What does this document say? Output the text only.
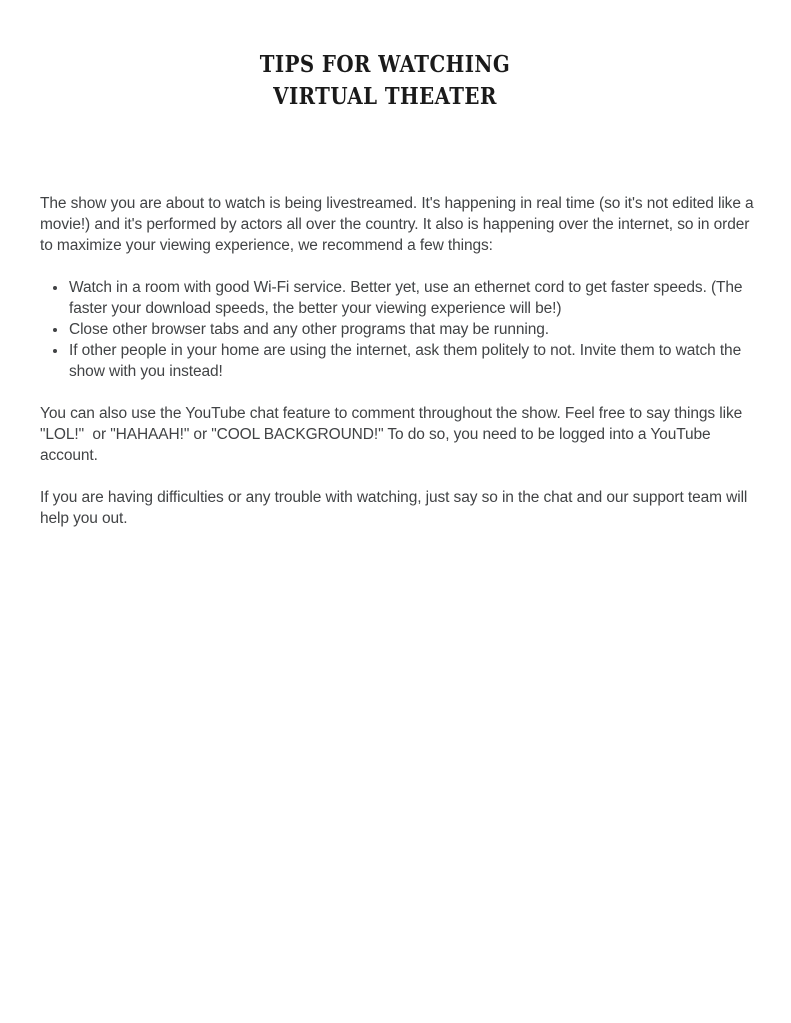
TIPS FOR WATCHING
VIRTUAL THEATER

The show you are about to watch is being livestreamed. It's happening in real time (so it's not edited like a movie!) and it's performed by actors all over the country. It also is happening over the internet, so in order to maximize your viewing experience, we recommend a few things:

• Watch in a room with good Wi-Fi service. Better yet, use an ethernet cord to get faster speeds. (The faster your download speeds, the better your viewing experience will be!)
• Close other browser tabs and any other programs that may be running.
• If other people in your home are using the internet, ask them politely to not. Invite them to watch the show with you instead!

You can also use the YouTube chat feature to comment throughout the show. Feel free to say things like "LOL!"  or "HAHAAH!" or "COOL BACKGROUND!" To do so, you need to be logged into a YouTube account.

If you are having difficulties or any trouble with watching, just say so in the chat and our support team will help you out.
